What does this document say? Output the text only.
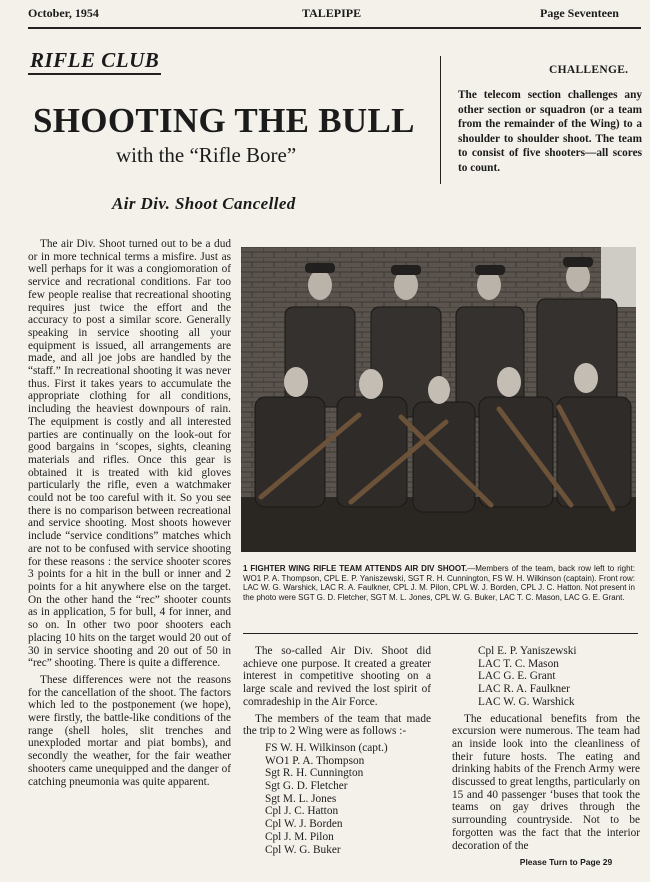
October, 1954	TALEPIPE	Page Seventeen
RIFLE CLUB
SHOOTING THE BULL
with the “Rifle Bore”
CHALLENGE.
The telecom section challenges any other section or squadron (or a team from the remainder of the Wing) to a shoulder to shoulder shoot. The team to consist of five shooters—all scores to count.
Air Div. Shoot Cancelled

The air Div. Shoot turned out to be a dud or in more technical terms a misfire. Just as well perhaps for it was a congiomoration of service and recrational conditions. Far too few people realise that recreational shooting requires just twice the effort and the accuracy to post a similar score. Generally speaking in service shooting all your equipment is issued, all arrangements are made, and all joe jobs are handled by the “staff.” In recreational shooting it was never thus. First it takes years to accumulate the appropriate clothing for all conditions, including the heaviest downpours of rain. The equipment is costly and all interested parties are continually on the look-out for good bargains in ‘scopes, sights, cleaning materials and rifles. Once this gear is obtained it is treated with kid gloves particularly the rifle, even a watchmaker could not be too careful with it. So you see there is no comparison between recreational and service shooting. Most shoots however include “service conditions” matches which are not to be confused with service shooting for these reasons : the service shooter scores 3 points for a hit in the bull or inner and 2 points for a hit anywhere else on the target. On the other hand the “rec” shooter counts as in application, 5 for bull, 4 for inner, and so on. In other two poor shooters each placing 10 hits on the target would 20 out of 30 in service shooting and 20 out of 50 in “rec” shooting. There is quite a difference.

These differences were not the reasons for the cancellation of the shoot. The factors which led to the postponement (we hope), were firstly, the battle-like conditions of the range (shell holes, slit trenches and unexploded mortar and piat bombs), and secondly the weather, for the fair weather shooters came unequipped and the danger of catching pneumonia was quite apparent.

1 FIGHTER WING RIFLE TEAM ATTENDS AIR DIV SHOOT.—Members of the team, back row left to right: WO1 P. A. Thompson, CPL E. P. Yaniszewski, SGT R. H. Cunnington, FS W. H. Wilkinson (captain). Front row: LAC W. G. Warshick, LAC R. A. Faulkner, CPL J. M. Pilon, CPL W. J. Borden, CPL J. C. Hatton. Not present in the photo were SGT G. D. Fletcher, SGT M. L. Jones, CPL W. G. Buker, LAC T. C. Mason, LAC G. E. Grant.

The so-called Air Div. Shoot did achieve one purpose. It created a greater interest in competitive shooting on a large scale and revived the lost spirit of comradeship in the Air Force.

The members of the team that made the trip to 2 Wing were as follows :-

FS W. H. Wilkinson (capt.)
WO1 P. A. Thompson
Sgt R. H. Cunnington
Sgt G. D. Fletcher
Sgt M. L. Jones
Cpl J. C. Hatton
Cpl W. J. Borden
Cpl J. M. Pilon
Cpl W. G. Buker
Cpl E. P. Yaniszewski
LAC T. C. Mason
LAC G. E. Grant
LAC R. A. Faulkner
LAC W. G. Warshick

The educational benefits from the excursion were numerous. The team had an inside look into the cleanliness of their future hosts. The eating and drinking habits of the French Army were discussed to great lengths, particularly on 15 and 40 passenger ‘buses that took the teams on gay drives through the surrounding countryside. Not to be forgotten was the fact that the interior decoration of the

Please Turn to Page 29
